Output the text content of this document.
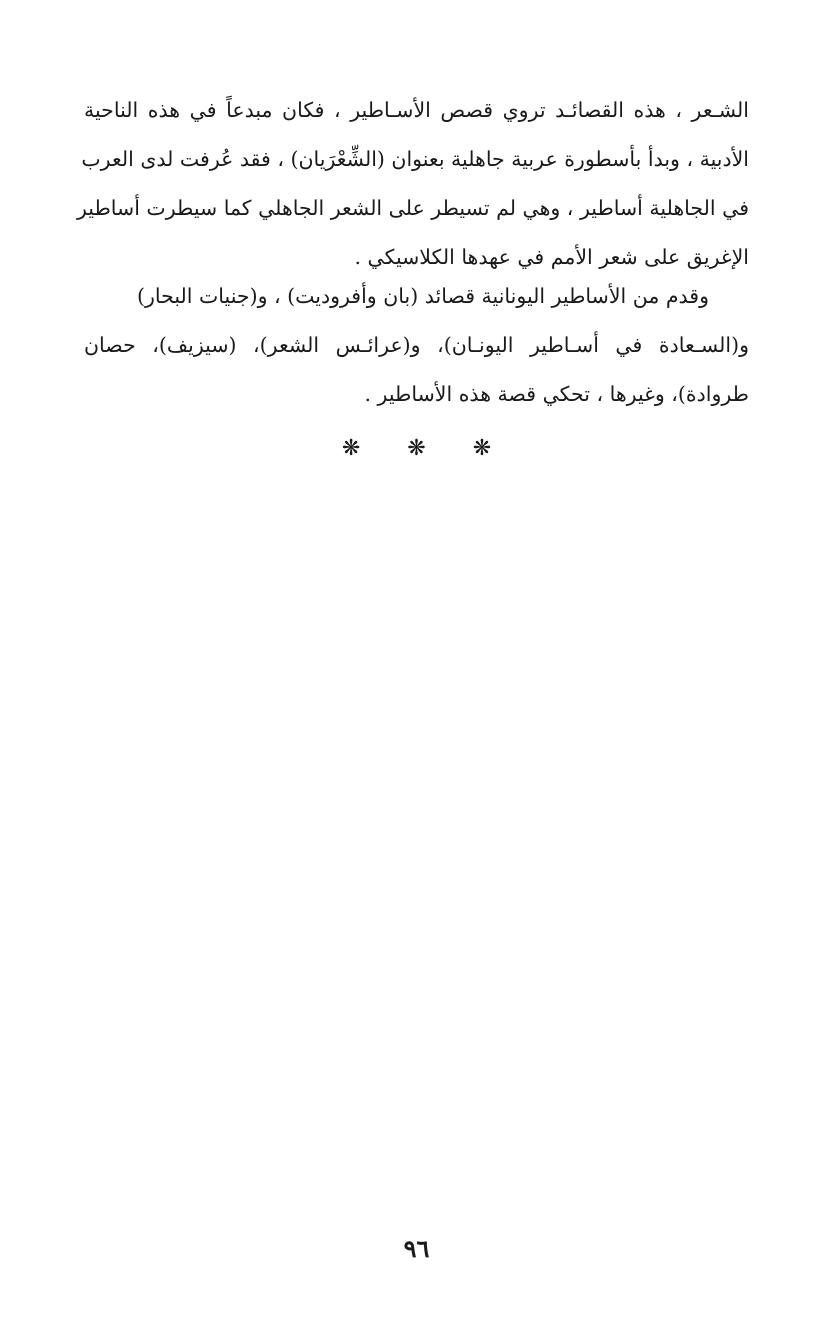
الشـعر ، هذه القصائـد تروي قصص الأسـاطير ، فكان مبدعاً في هذه الناحية
الأدبية ، وبدأ بأسطورة عربية جاهلية بعنوان (الشِّعْرَيان) ، فقد عُرفت لدى العرب
في الجاهلية أساطير ، وهي لم تسيطر على الشعر الجاهلي كما سيطرت أساطير
الإغريق على شعر الأمم في عهدها الكلاسيكي .
وقدم من الأساطير اليونانية قصائد (بان وأفروديت) ، و(جنيات البحار)
و(السـعادة في أسـاطير اليونـان)، و(عرائـس الشعر)، (سيزيف)، حصان
طروادة)، وغيرها ، تحكي قصة هذه الأساطير .
❋ ❋ ❋
٩٦
